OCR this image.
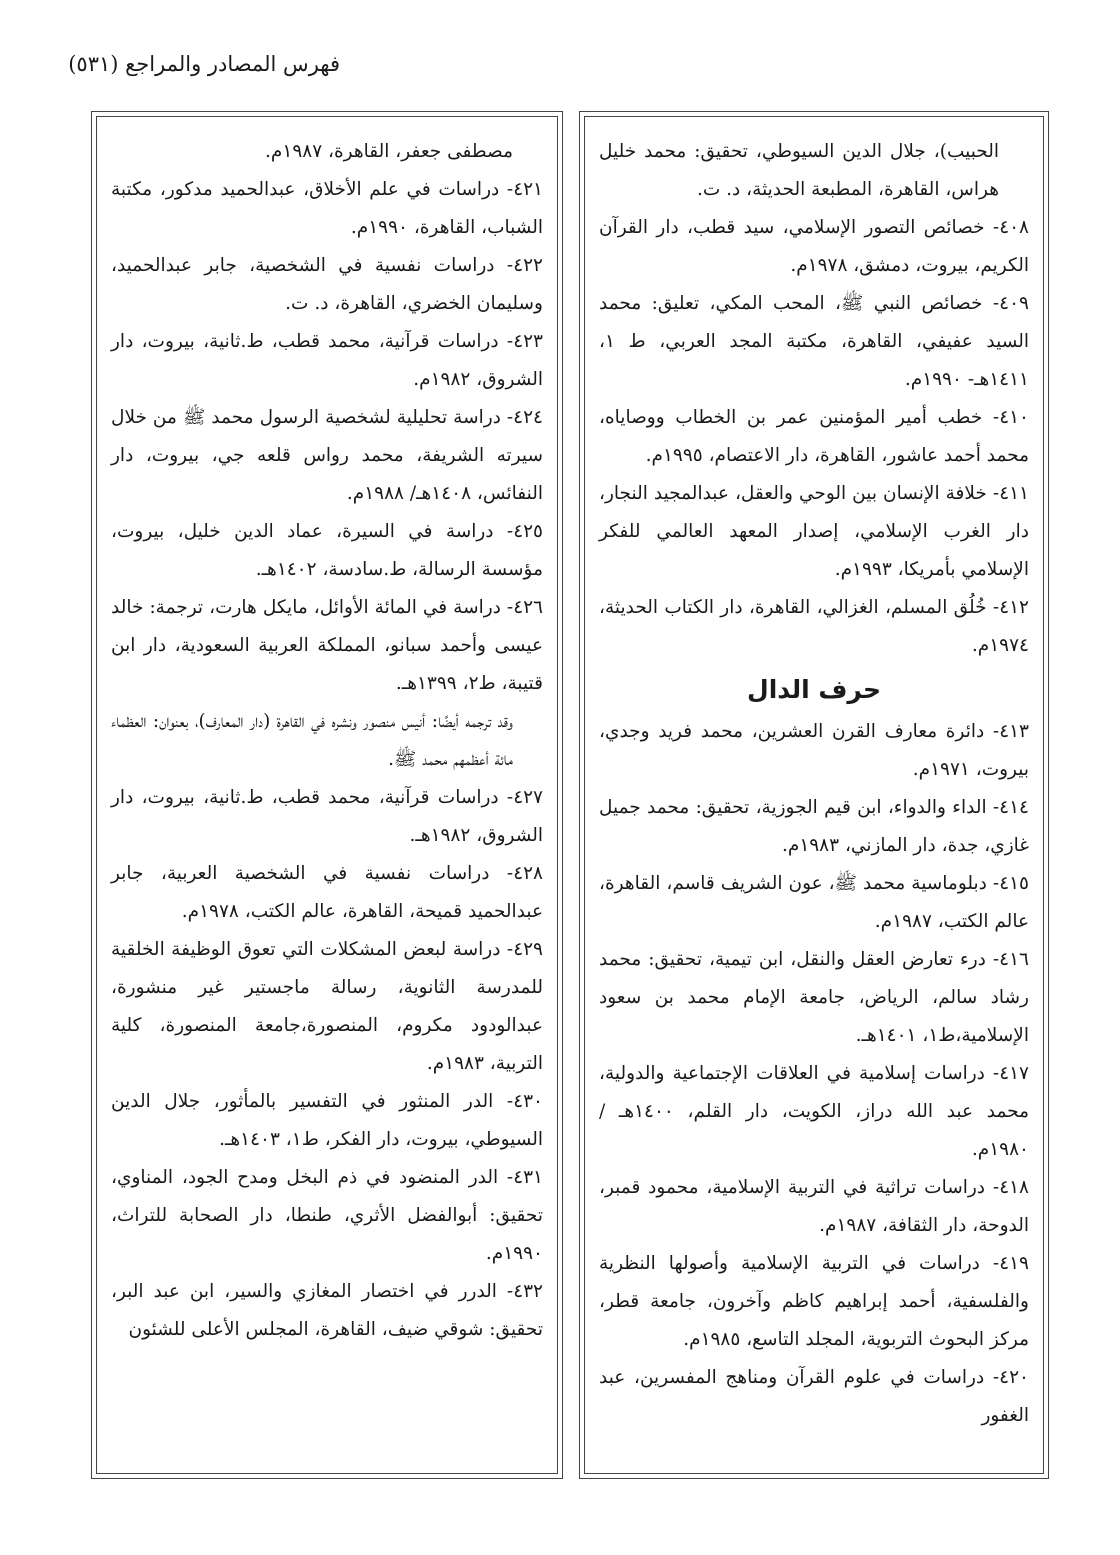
فهرس المصادر والمراجع (٥٣١)
الحبيب)، جلال الدين السيوطي، تحقيق: محمد خليل هراس، القاهرة، المطبعة الحديثة، د. ت.
٤٠٨- خصائص التصور الإسلامي، سيد قطب، دار القرآن الكريم، بيروت، دمشق، ١٩٧٨م.
٤٠٩- خصائص النبي ﷺ، المحب المكي، تعليق: محمد السيد عفيفي، القاهرة، مكتبة المجد العربي، ط ١، ١٤١١هـ- ١٩٩٠م.
٤١٠- خطب أمير المؤمنين عمر بن الخطاب ووصاياه، محمد أحمد عاشور، القاهرة، دار الاعتصام، ١٩٩٥م.
٤١١- خلافة الإنسان بين الوحي والعقل، عبدالمجيد النجار، دار الغرب الإسلامي، إصدار المعهد العالمي للفكر الإسلامي بأمريكا، ١٩٩٣م.
٤١٢- خُلُق المسلم، الغزالي، القاهرة، دار الكتاب الحديثة، ١٩٧٤م.
حرف الدال
٤١٣- دائرة معارف القرن العشرين، محمد فريد وجدي، بيروت، ١٩٧١م.
٤١٤- الداء والدواء، ابن قيم الجوزية، تحقيق: محمد جميل غازي، جدة، دار المازني، ١٩٨٣م.
٤١٥- دبلوماسية محمد ﷺ، عون الشريف قاسم، القاهرة، عالم الكتب، ١٩٨٧م.
٤١٦- درء تعارض العقل والنقل، ابن تيمية، تحقيق: محمد رشاد سالم، الرياض، جامعة الإمام محمد بن سعود الإسلامية،ط١، ١٤٠١هـ.
٤١٧- دراسات إسلامية في العلاقات الإجتماعية والدولية، محمد عبد الله دراز، الكويت، دار القلم، ١٤٠٠هـ / ١٩٨٠م.
٤١٨- دراسات تراثية في التربية الإسلامية، محمود قمبر، الدوحة، دار الثقافة، ١٩٨٧م.
٤١٩- دراسات في التربية الإسلامية وأصولها النظرية والفلسفية، أحمد إبراهيم كاظم وآخرون، جامعة قطر، مركز البحوث التربوية، المجلد التاسع، ١٩٨٥م.
٤٢٠- دراسات في علوم القرآن ومناهج المفسرين، عبد الغفور
مصطفى جعفر، القاهرة، ١٩٨٧م.
٤٢١- دراسات في علم الأخلاق، عبدالحميد مدكور، مكتبة الشباب، القاهرة، ١٩٩٠م.
٤٢٢- دراسات نفسية في الشخصية، جابر عبدالحميد، وسليمان الخضري، القاهرة، د. ت.
٤٢٣- دراسات قرآنية، محمد قطب، ط.ثانية، بيروت، دار الشروق، ١٩٨٢م.
٤٢٤- دراسة تحليلية لشخصية الرسول محمد ﷺ من خلال سيرته الشريفة، محمد رواس قلعه جي، بيروت، دار النفائس، ١٤٠٨هـ/ ١٩٨٨م.
٤٢٥- دراسة في السيرة، عماد الدين خليل، بيروت، مؤسسة الرسالة، ط.سادسة، ١٤٠٢هـ.
٤٢٦- دراسة في المائة الأوائل، مايكل هارت، ترجمة: خالد عيسى وأحمد سبانو، المملكة العربية السعودية، دار ابن قتيبة، ط٢، ١٣٩٩هـ.
وقد ترجمه أيضًا: أنيس منصور ونشره في القاهرة (دار المعارف)، بعنوان: العظماء مائة أعظمهم محمد ﷺ.
٤٢٧- دراسات قرآنية، محمد قطب، ط.ثانية، بيروت، دار الشروق، ١٩٨٢هـ.
٤٢٨- دراسات نفسية في الشخصية العربية، جابر عبدالحميد قميحة، القاهرة، عالم الكتب، ١٩٧٨م.
٤٢٩- دراسة لبعض المشكلات التي تعوق الوظيفة الخلقية للمدرسة الثانوية، رسالة ماجستير غير منشورة، عبدالودود مكروم، المنصورة،جامعة المنصورة، كلية التربية، ١٩٨٣م.
٤٣٠- الدر المنثور في التفسير بالمأثور، جلال الدين السيوطي، بيروت، دار الفكر، ط١، ١٤٠٣هـ.
٤٣١- الدر المنضود في ذم البخل ومدح الجود، المناوي، تحقيق: أبوالفضل الأثري، طنطا، دار الصحابة للتراث، ١٩٩٠م.
٤٣٢- الدرر في اختصار المغازي والسير، ابن عبد البر، تحقيق: شوقي ضيف، القاهرة، المجلس الأعلى للشئون
